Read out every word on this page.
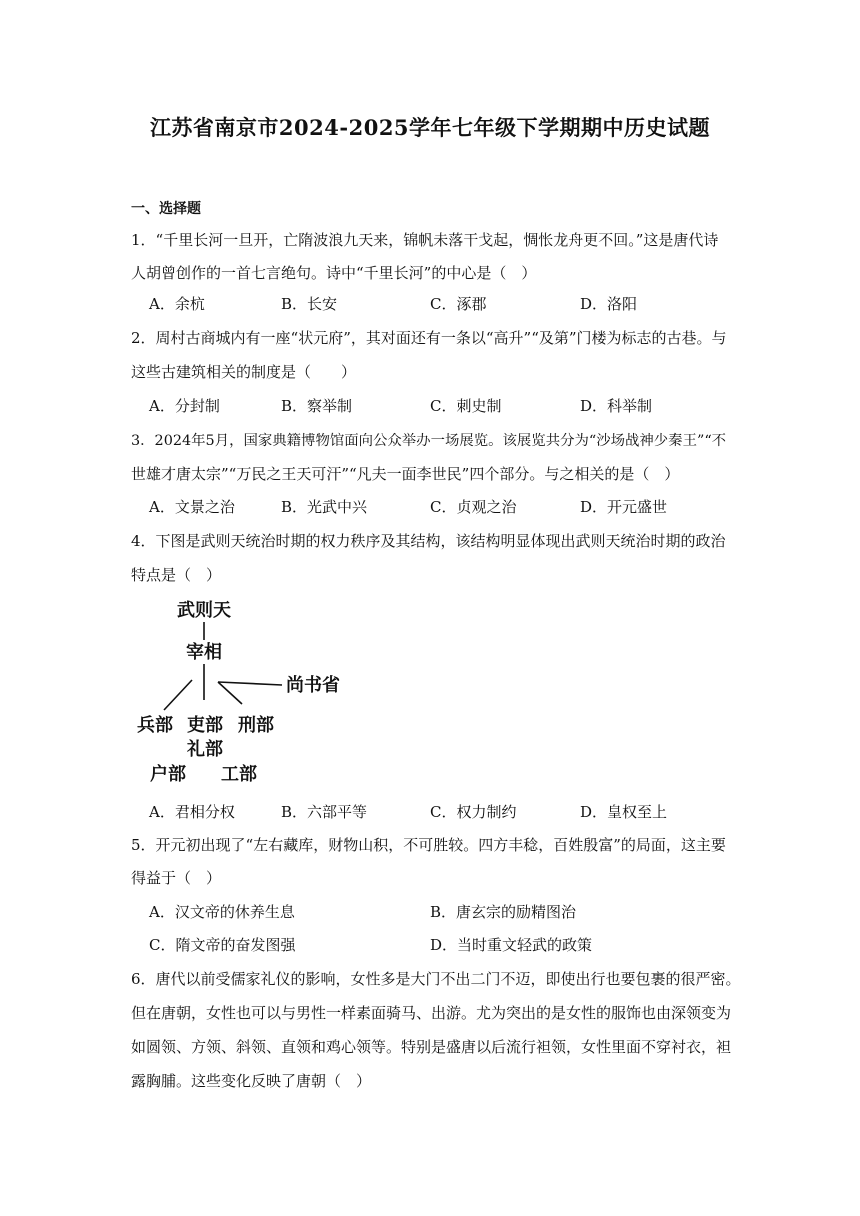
江苏省南京市2024-2025学年七年级下学期期中历史试题
一、选择题
1．“千里长河一旦开，亡隋波浪九天来，锦帆未落干戈起，惆怅龙舟更不回。”这是唐代诗
人胡曾创作的一首七言绝句。诗中“千里长河”的中心是（　）
A．余杭	B．长安	C．涿郡	D．洛阳
2．周村古商城内有一座“状元府”，其对面还有一条以“高升”“及第”门楼为标志的古巷。与
这些古建筑相关的制度是（　　）
A．分封制	B．察举制	C．刺史制	D．科举制
3．2024年5月，国家典籍博物馆面向公众举办一场展览。该展览共分为“沙场战神少秦王”“不
世雄才唐太宗”“万民之王天可汗”“凡夫一面李世民”四个部分。与之相关的是（　）
A．文景之治	B．光武中兴	C．贞观之治	D．开元盛世
4．下图是武则天统治时期的权力秩序及其结构，该结构明显体现出武则天统治时期的政治
特点是（　）
武则天
宰相
尚书省
兵部 吏部 刑部
礼部
户部 工部
A．君相分权	B．六部平等	C．权力制约	D．皇权至上
5．开元初出现了“左右藏库，财物山积，不可胜较。四方丰稔，百姓殷富”的局面，这主要
得益于（　）
A．汉文帝的休养生息	B．唐玄宗的励精图治
C．隋文帝的奋发图强	D．当时重文轻武的政策
6．唐代以前受儒家礼仪的影响，女性多是大门不出二门不迈，即使出行也要包裹的很严密。
但在唐朝，女性也可以与男性一样素面骑马、出游。尤为突出的是女性的服饰也由深领变为
如圆领、方领、斜领、直领和鸡心领等。特别是盛唐以后流行袒领，女性里面不穿衬衣，袒
露胸脯。这些变化反映了唐朝（　）
